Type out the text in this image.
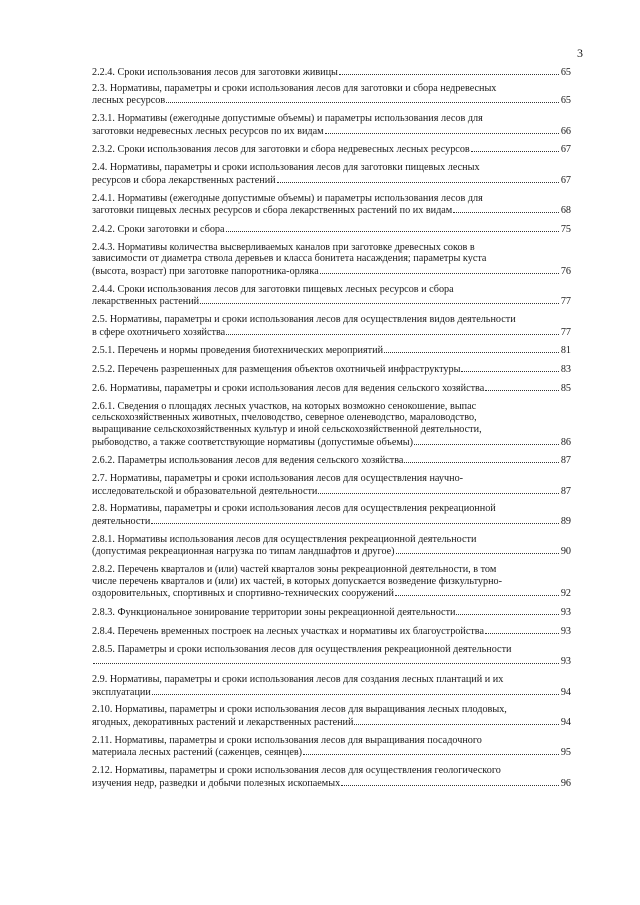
3
2.2.4. Сроки использования лесов для заготовки живицы	65
2.3. Нормативы, параметры и сроки использования лесов для заготовки и сбора недревесных
лесных ресурсов	65
2.3.1. Нормативы (ежегодные допустимые объемы) и параметры использования лесов для
заготовки недревесных лесных ресурсов по их видам	66
2.3.2. Сроки использования лесов для заготовки и сбора недревесных лесных ресурсов	67
2.4. Нормативы, параметры и сроки использования лесов для заготовки пищевых лесных
ресурсов и сбора лекарственных растений	67
2.4.1. Нормативы (ежегодные допустимые объемы) и параметры использования лесов для
заготовки пищевых лесных ресурсов и сбора лекарственных растений по их видам	68
2.4.2. Сроки заготовки и сбора	75
2.4.3. Нормативы количества высверливаемых каналов при заготовке древесных соков в
зависимости от диаметра ствола деревьев и класса бонитета насаждения; параметры куста
(высота, возраст) при заготовке папоротника-орляка	76
2.4.4. Сроки использования лесов для заготовки пищевых лесных ресурсов и сбора
лекарственных растений	77
2.5. Нормативы, параметры и сроки использования лесов для осуществления видов деятельности
в сфере охотничьего хозяйства	77
2.5.1. Перечень и нормы проведения биотехнических мероприятий	81
2.5.2. Перечень разрешенных для размещения объектов охотничьей инфраструктуры	83
2.6. Нормативы, параметры и сроки использования лесов для ведения сельского хозяйства	85
2.6.1. Сведения о площадях лесных участков, на которых возможно сенокошение, выпас
сельскохозяйственных животных, пчеловодство, северное оленеводство, мараловодство,
выращивание сельскохозяйственных культур и иной сельскохозяйственной деятельности,
рыбоводство, а также соответствующие нормативы (допустимые объемы)	86
2.6.2. Параметры использования лесов для ведения сельского хозяйства	87
2.7. Нормативы, параметры и сроки использования лесов для осуществления научно-
исследовательской и образовательной деятельности	87
2.8. Нормативы, параметры и сроки использования лесов для осуществления рекреационной
деятельности	89
2.8.1. Нормативы использования лесов для осуществления рекреационной деятельности
(допустимая рекреационная нагрузка по типам ландшафтов и другое)	90
2.8.2. Перечень кварталов и (или) частей кварталов зоны рекреационной деятельности, в том
числе перечень кварталов и (или) их частей, в которых допускается возведение физкультурно-
оздоровительных, спортивных и спортивно-технических сооружений	92
2.8.3. Функциональное зонирование территории зоны рекреационной деятельности	93
2.8.4. Перечень временных построек на лесных участках и нормативы их благоустройства	93
2.8.5. Параметры и сроки использования лесов для осуществления рекреационной деятельности
93
2.9. Нормативы, параметры и сроки использования лесов для создания лесных плантаций и их
эксплуатации	94
2.10. Нормативы, параметры и сроки использования лесов для выращивания лесных плодовых,
ягодных, декоративных растений и лекарственных растений	94
2.11. Нормативы, параметры и сроки использования лесов для выращивания посадочного
материала лесных растений (саженцев, сеянцев)	95
2.12. Нормативы, параметры и сроки использования лесов для осуществления геологического
изучения недр, разведки и добычи полезных ископаемых	96
